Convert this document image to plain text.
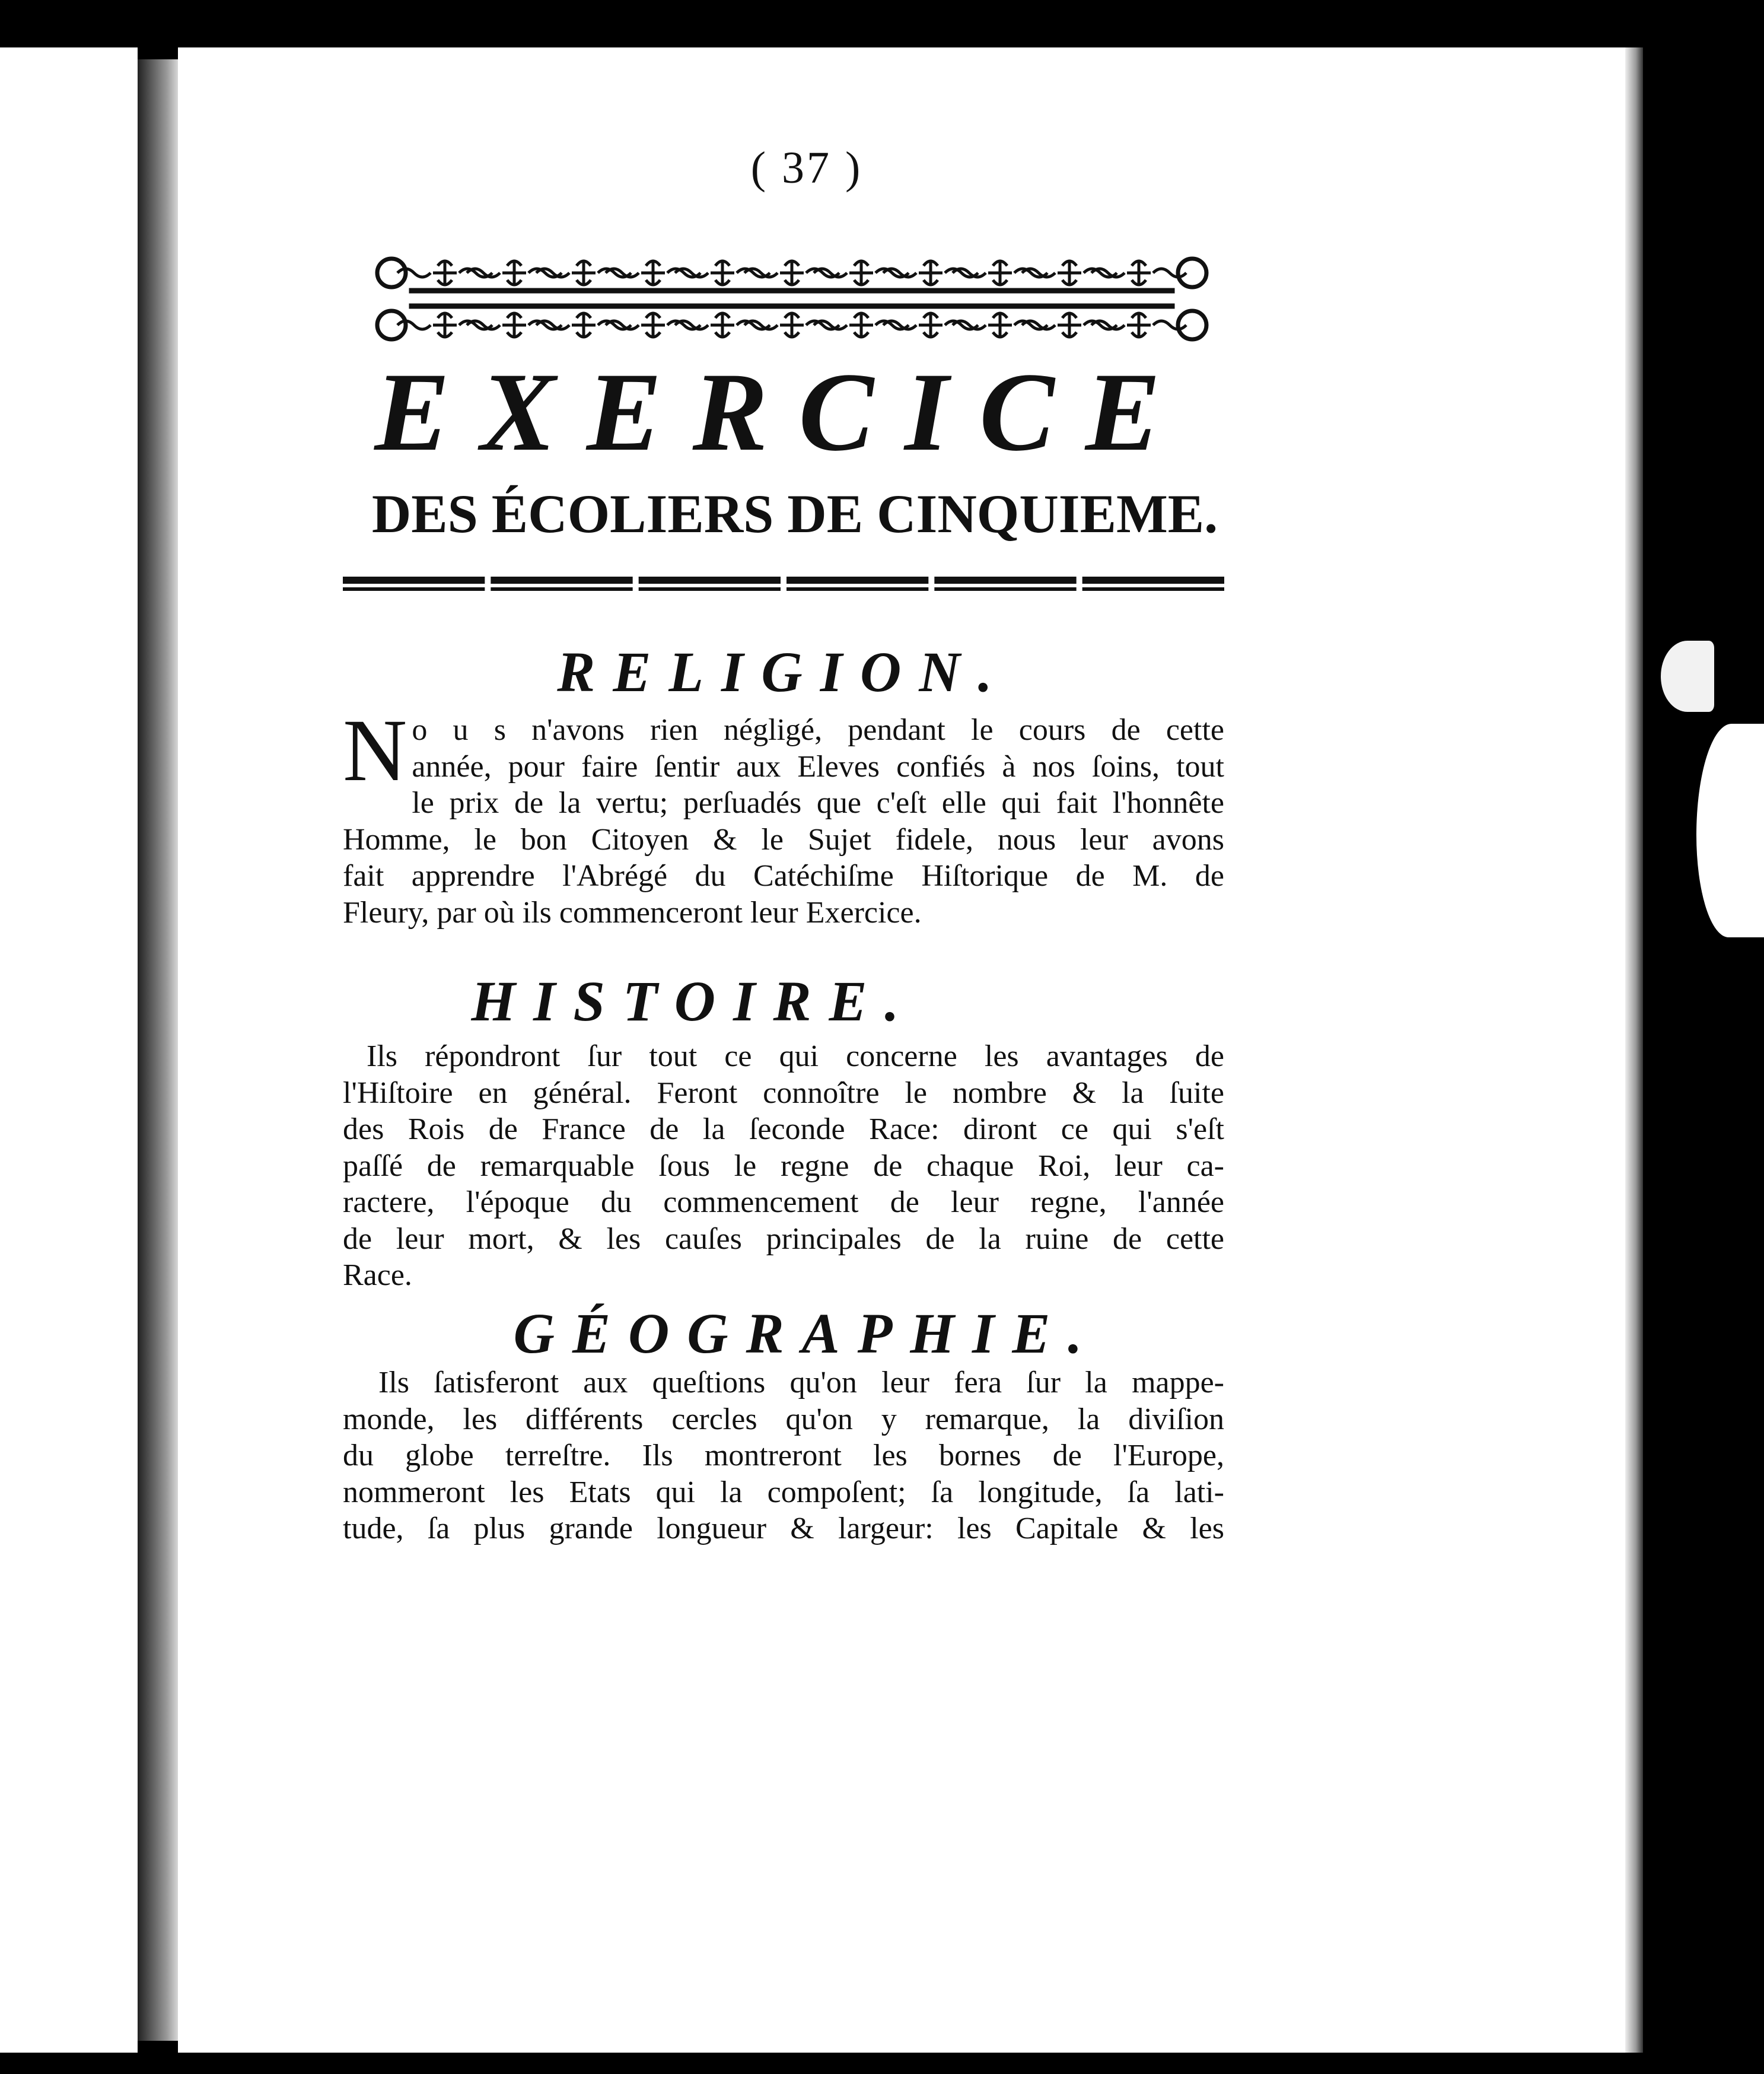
( 37 )
EXERCICE
DES ÉCOLIERS DE CINQUIEME.
RELIGION.
N o u s n'avons rien négligé, pendant le cours de cette
année, pour faire ſentir aux Eleves confiés à nos ſoins, tout
le prix de la vertu; perſuadés que c'eſt elle qui fait l'honnête
Homme, le bon Citoyen & le Sujet fidele, nous leur avons
fait apprendre l'Abrégé du Catéchiſme Hiſtorique de M. de
Fleury, par où ils commenceront leur Exercice.
HISTOIRE.
Ils répondront ſur tout ce qui concerne les avantages de
l'Hiſtoire en général. Feront connoître le nombre & la ſuite
des Rois de France de la ſeconde Race: diront ce qui s'eſt
paſſé de remarquable ſous le regne de chaque Roi, leur ca-
ractere, l'époque du commencement de leur regne, l'année
de leur mort, & les cauſes principales de la ruine de cette
Race.
GÉOGRAPHIE.
Ils ſatisferont aux queſtions qu'on leur fera ſur la mappe-
monde, les différents cercles qu'on y remarque, la diviſion
du globe terreſtre. Ils montreront les bornes de l'Europe,
nommeront les Etats qui la compoſent; ſa longitude, ſa lati-
tude, ſa plus grande longueur & largeur: les Capitale & les
